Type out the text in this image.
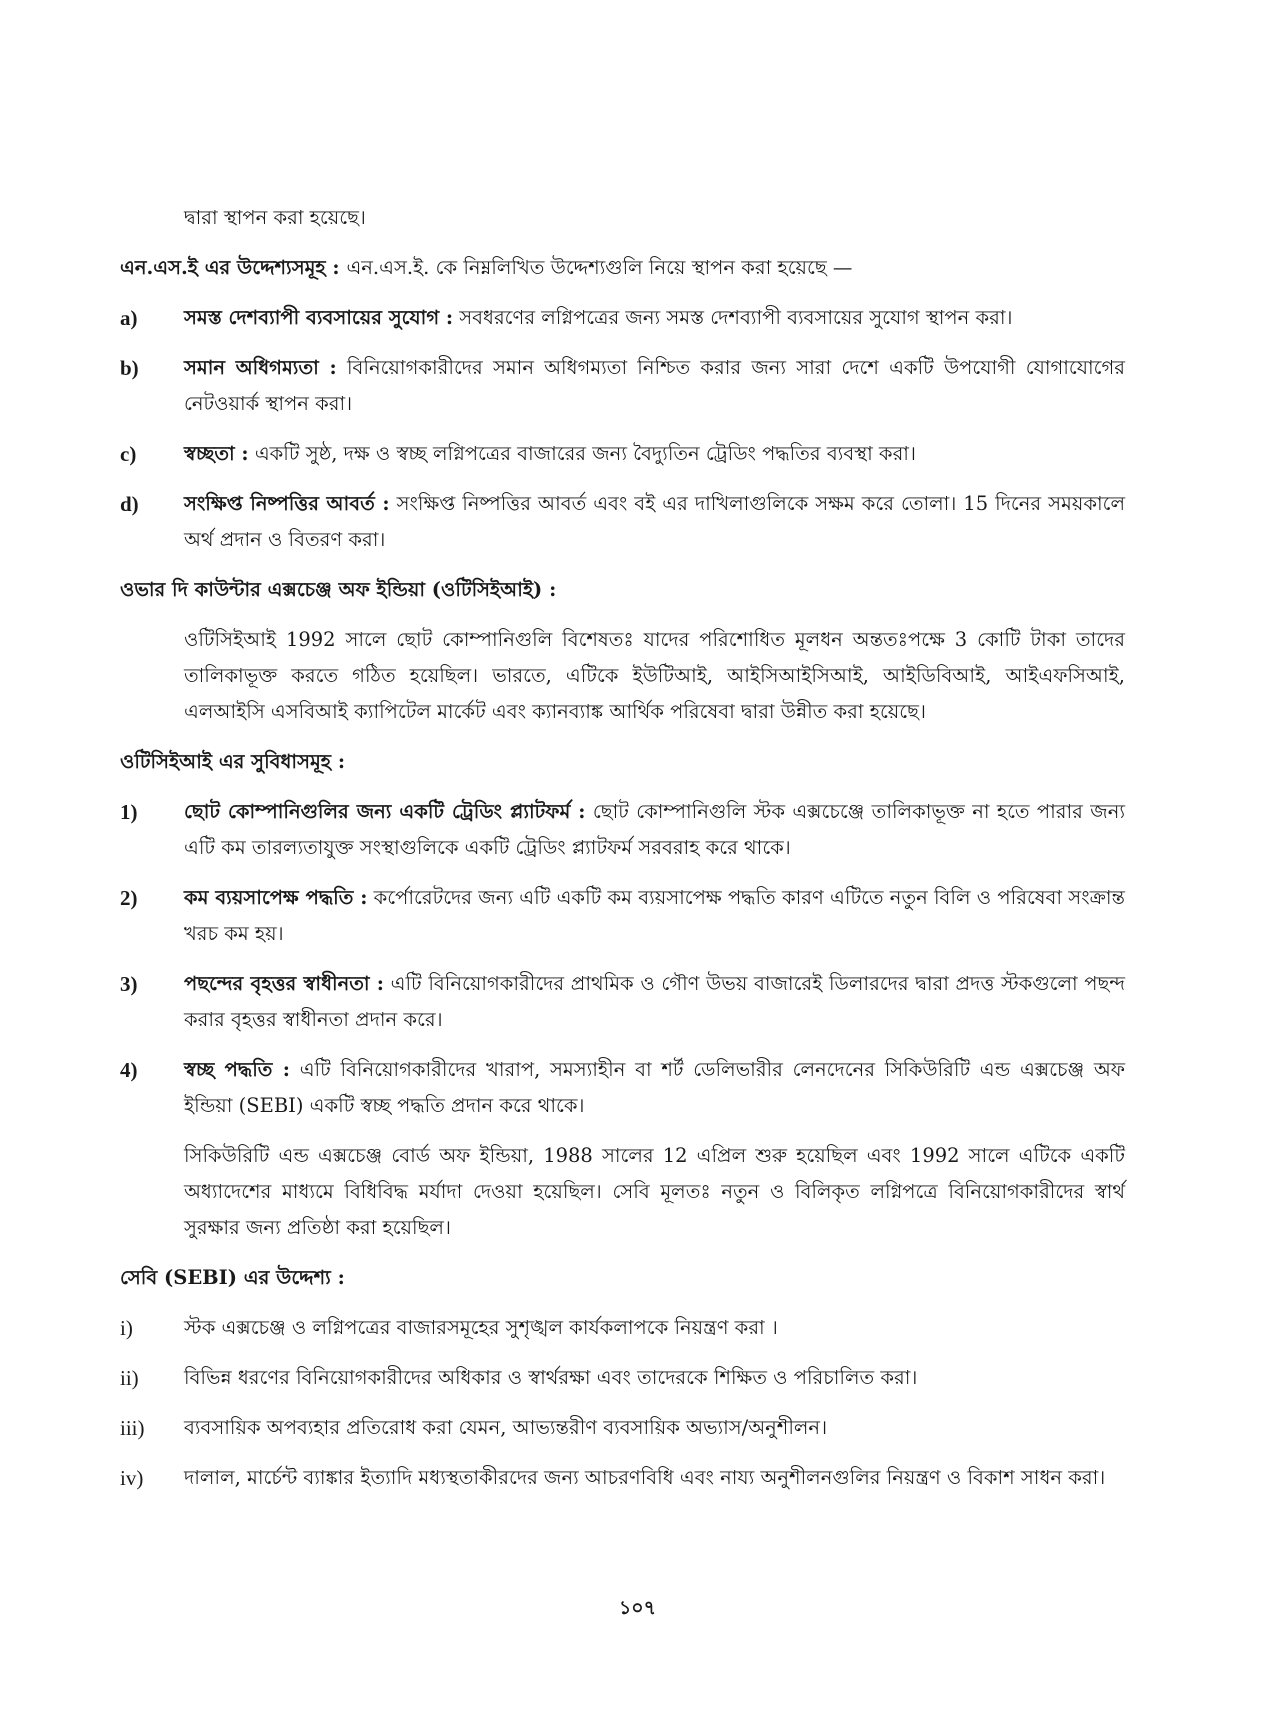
দ্বারা স্থাপন করা হয়েছে।

এন.এস.ই এর উদ্দেশ্যসমূহ : এন.এস.ই. কে নিম্নলিখিত উদ্দেশ্যগুলি নিয়ে স্থাপন করা হয়েছে —

a)	সমস্ত দেশব্যাপী ব্যবসায়ের সুযোগ : সবধরণের লগ্নিপত্রের জন্য সমস্ত দেশব্যাপী ব্যবসায়ের সুযোগ স্থাপন করা।
b)	সমান অধিগম্যতা : বিনিয়োগকারীদের সমান অধিগম্যতা নিশ্চিত করার জন্য সারা দেশে একটি উপযোগী যোগাযোগের নেটওয়ার্ক স্থাপন করা।
c)	স্বচ্ছতা : একটি সুষ্ঠ, দক্ষ ও স্বচ্ছ লগ্নিপত্রের বাজারের জন্য বৈদ্যুতিন ট্রেডিং পদ্ধতির ব্যবস্থা করা।
d)	সংক্ষিপ্ত নিষ্পত্তির আবর্ত : সংক্ষিপ্ত নিষ্পত্তির আবর্ত এবং বই এর দাখিলাগুলিকে সক্ষম করে তোলা। 15 দিনের সময়কালে অর্থ প্রদান ও বিতরণ করা।

ওভার দি কাউন্টার এক্সচেঞ্জ অফ ইন্ডিয়া (ওটিসিইআই) :

ওটিসিইআই 1992 সালে ছোট কোম্পানিগুলি বিশেষতঃ যাদের পরিশোধিত মূলধন অন্ততঃপক্ষে 3 কোটি টাকা তাদের তালিকাভূক্ত করতে গঠিত হয়েছিল। ভারতে, এটিকে ইউটিআই, আইসিআইসিআই, আইডিবিআই, আইএফসিআই, এলআইসি এসবিআই ক্যাপিটেল মার্কেট এবং ক্যানব্যাঙ্ক আর্থিক পরিষেবা দ্বারা উন্নীত করা হয়েছে।

ওটিসিইআই এর সুবিধাসমূহ :

1)	ছোট কোম্পানিগুলির জন্য একটি ট্রেডিং প্ল্যাটফর্ম : ছোট কোম্পানিগুলি স্টক এক্সচেঞ্জে তালিকাভূক্ত না হতে পারার জন্য এটি কম তারল্যতাযুক্ত সংস্থাগুলিকে একটি ট্রেডিং প্ল্যাটফর্ম সরবরাহ করে থাকে।
2)	কম ব্যয়সাপেক্ষ পদ্ধতি : কর্পোরেটদের জন্য এটি একটি কম ব্যয়সাপেক্ষ পদ্ধতি কারণ এটিতে নতুন বিলি ও পরিষেবা সংক্রান্ত খরচ কম হয়।
3)	পছন্দের বৃহত্তর স্বাধীনতা : এটি বিনিয়োগকারীদের প্রাথমিক ও গৌণ উভয় বাজারেই ডিলারদের দ্বারা প্রদত্ত স্টকগুলো পছন্দ করার বৃহত্তর স্বাধীনতা প্রদান করে।
4)	স্বচ্ছ পদ্ধতি : এটি বিনিয়োগকারীদের খারাপ, সমস্যাহীন বা শর্ট ডেলিভারীর লেনদেনের সিকিউরিটি এন্ড এক্সচেঞ্জ অফ ইন্ডিয়া (SEBI) একটি স্বচ্ছ পদ্ধতি প্রদান করে থাকে।

সিকিউরিটি এন্ড এক্সচেঞ্জ বোর্ড অফ ইন্ডিয়া, 1988 সালের 12 এপ্রিল শুরু হয়েছিল এবং 1992 সালে এটিকে একটি অধ্যাদেশের মাধ্যমে বিধিবিদ্ধ মর্যাদা দেওয়া হয়েছিল। সেবি মূলতঃ নতুন ও বিলিকৃত লগ্নিপত্রে বিনিয়োগকারীদের স্বার্থ সুরক্ষার জন্য প্রতিষ্ঠা করা হয়েছিল।

সেবি (SEBI) এর উদ্দেশ্য :

i)	স্টক এক্সচেঞ্জ ও লগ্নিপত্রের বাজারসমূহের সুশৃঙ্খল কার্যকলাপকে নিয়ন্ত্রণ করা ।
ii)	বিভিন্ন ধরণের বিনিয়োগকারীদের অধিকার ও স্বার্থরক্ষা এবং তাদেরকে শিক্ষিত ও পরিচালিত করা।
iii)	ব্যবসায়িক অপব্যহার প্রতিরোধ করা যেমন, আভ্যন্তরীণ ব্যবসায়িক অভ্যাস/অনুশীলন।
iv)	দালাল, মার্চেন্ট ব্যাঙ্কার ইত্যাদি মধ্যস্থতাকীরদের জন্য আচরণবিধি এবং নায্য অনুশীলনগুলির নিয়ন্ত্রণ ও বিকাশ সাধন করা।
১০৭
